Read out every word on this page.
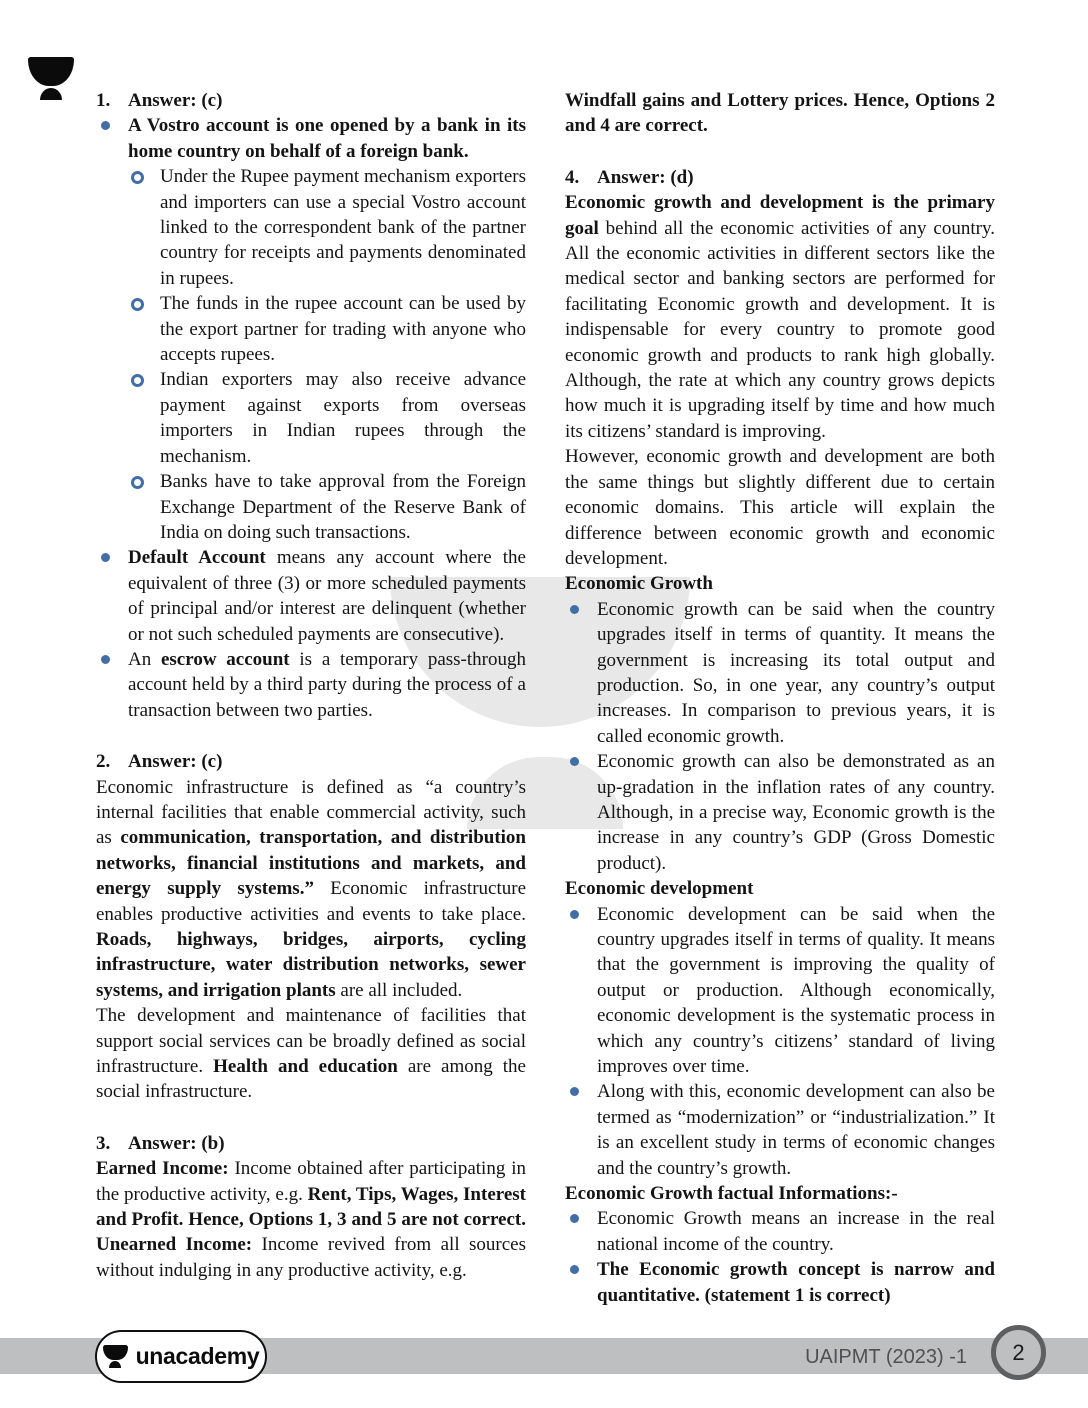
1. Answer: (c)
A Vostro account is one opened by a bank in its home country on behalf of a foreign bank.
Under the Rupee payment mechanism exporters and importers can use a special Vostro account linked to the correspondent bank of the partner country for receipts and payments denominated in rupees.
The funds in the rupee account can be used by the export partner for trading with anyone who accepts rupees.
Indian exporters may also receive advance payment against exports from overseas importers in Indian rupees through the mechanism.
Banks have to take approval from the Foreign Exchange Department of the Reserve Bank of India on doing such transactions.
Default Account means any account where the equivalent of three (3) or more scheduled payments of principal and/or interest are delinquent (whether or not such scheduled payments are consecutive).
An escrow account is a temporary pass-through account held by a third party during the process of a transaction between two parties.
2. Answer: (c)
Economic infrastructure is defined as “a country’s internal facilities that enable commercial activity, such as communication, transportation, and distribution networks, financial institutions and markets, and energy supply systems.” Economic infrastructure enables productive activities and events to take place. Roads, highways, bridges, airports, cycling infrastructure, water distribution networks, sewer systems, and irrigation plants are all included.
The development and maintenance of facilities that support social services can be broadly defined as social infrastructure. Health and education are among the social infrastructure.
3. Answer: (b)
Earned Income: Income obtained after participating in the productive activity, e.g. Rent, Tips, Wages, Interest and Profit. Hence, Options 1, 3 and 5 are not correct. Unearned Income: Income revived from all sources without indulging in any productive activity, e.g.
Windfall gains and Lottery prices. Hence, Options 2 and 4 are correct.
4. Answer: (d)
Economic growth and development is the primary goal behind all the economic activities of any country. All the economic activities in different sectors like the medical sector and banking sectors are performed for facilitating Economic growth and development. It is indispensable for every country to promote good economic growth and products to rank high globally. Although, the rate at which any country grows depicts how much it is upgrading itself by time and how much its citizens’ standard is improving.
However, economic growth and development are both the same things but slightly different due to certain economic domains. This article will explain the difference between economic growth and economic development.
Economic Growth
Economic growth can be said when the country upgrades itself in terms of quantity. It means the government is increasing its total output and production. So, in one year, any country’s output increases. In comparison to previous years, it is called economic growth.
Economic growth can also be demonstrated as an up-gradation in the inflation rates of any country. Although, in a precise way, Economic growth is the increase in any country’s GDP (Gross Domestic product).
Economic development
Economic development can be said when the country upgrades itself in terms of quality. It means that the government is improving the quality of output or production. Although economically, economic development is the systematic process in which any country’s citizens’ standard of living improves over time.
Along with this, economic development can also be termed as “modernization” or “industrialization.” It is an excellent study in terms of economic changes and the country’s growth.
Economic Growth factual Informations:-
Economic Growth means an increase in the real national income of the country.
The Economic growth concept is narrow and quantitative. (statement 1 is correct)
unacademy	UAIPMT (2023) -1 2
